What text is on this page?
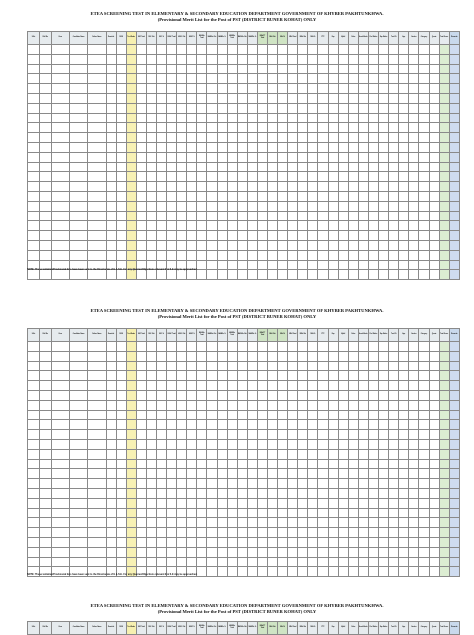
ETEA SCREENING TEST IN ELEMENTARY & SECONDARY EDUCATION DEPARTMENT GOVERNMENT OF KHYBER PAKHTUNKHWA.
(Provisional Merit List for the Post of PST (DISTRICT BUNER KOHAT) ONLY
S.No	Roll No	Zone	Candidate Name	Father Name	Domicile	DOB	Test Marks	SSC Total	SSC Obt	SSC %	HSSC Total	HSSC Obt	HSSC %	BA/BSc Total	BA/BSc Obt	BA/BSc %	MA/MSc Total	MA/MSc Obt	MA/MSc %	BEd/CT Total	BEd Obt	BEd %	MEd Total	MEd Obt	MEd %	PTC	Exp	Mphil	Other	Acad Marks	Prof Marks	Exp Marks	Test Wt	Age	Gender	Category	Quota	Total Score	Remarks

NOTE: These tentative/Provisional lists have been sent to the Directorate of E & S.E. For any Queries/Objections relevant E & S.E may be approached.
ETEA SCREENING TEST IN ELEMENTARY & SECONDARY EDUCATION DEPARTMENT GOVERNMENT OF KHYBER PAKHTUNKHWA.
(Provisional Merit List for the Post of PST (DISTRICT BUNER KOHAT) ONLY
S.No	Roll No	Zone	Candidate Name	Father Name	Domicile	DOB	Test Marks	SSC Total	SSC Obt	SSC %	HSSC Total	HSSC Obt	HSSC %	BA/BSc Total	BA/BSc Obt	BA/BSc %	MA/MSc Total	MA/MSc Obt	MA/MSc %	BEd/CT Total	BEd Obt	BEd %	MEd Total	MEd Obt	MEd %	PTC	Exp	Mphil	Other	Acad Marks	Prof Marks	Exp Marks	Test Wt	Age	Gender	Category	Quota	Total Score	Remarks

NOTE: These tentative/Provisional lists have been sent to the Directorate of E & S.E. For any Queries/Objections relevant E & S.E may be approached.
ETEA SCREENING TEST IN ELEMENTARY & SECONDARY EDUCATION DEPARTMENT GOVERNMENT OF KHYBER PAKHTUNKHWA.
(Provisional Merit List for the Post of PST (DISTRICT BUNER KOHAT) ONLY
S.No	Roll No	Zone	Candidate Name	Father Name	Domicile	DOB	Test Marks	SSC Total	SSC Obt	SSC %	HSSC Total	HSSC Obt	HSSC %	BA/BSc Total	BA/BSc Obt	BA/BSc %	MA/MSc Total	MA/MSc Obt	MA/MSc %	BEd/CT Total	BEd Obt	BEd %	MEd Total	MEd Obt	MEd %	PTC	Exp	Mphil	Other	Acad Marks	Prof Marks	Exp Marks	Test Wt	Age	Gender	Category	Quota	Total Score	Remarks
